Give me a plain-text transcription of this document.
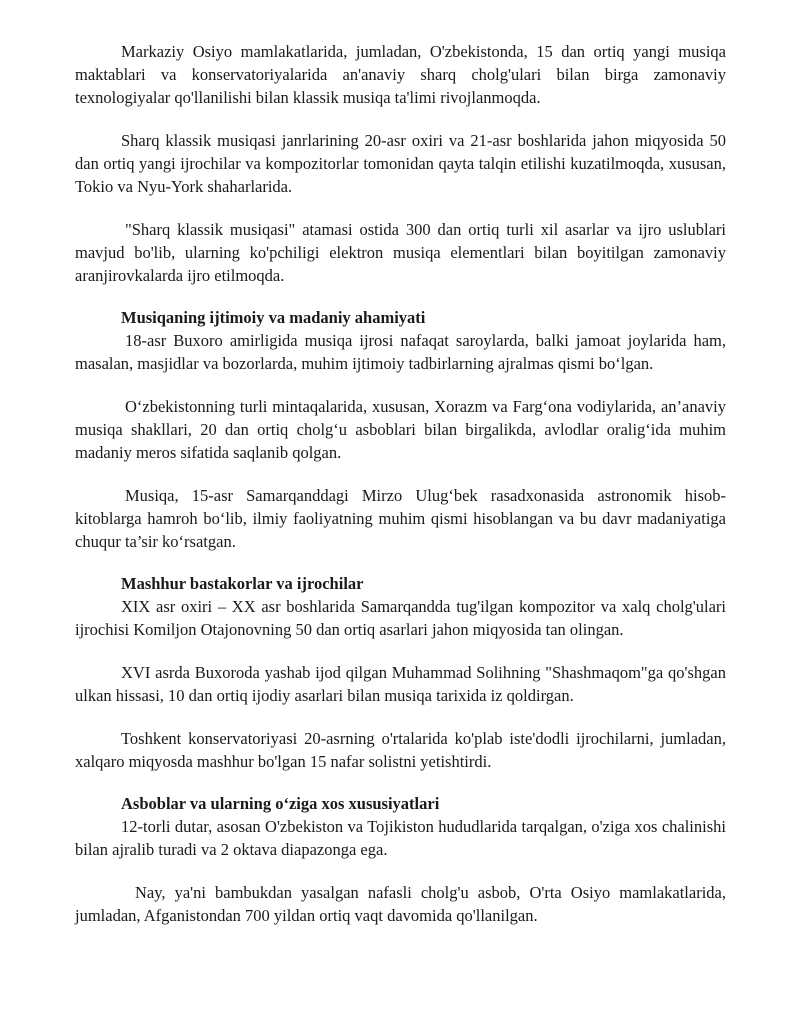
Markaziy Osiyo mamlakatlarida, jumladan, O'zbekistonda, 15 dan ortiq yangi musiqa maktablari va konservatoriyalarida an'anaviy sharq cholg'ulari bilan birga zamonaviy texnologiyalar qo'llanilishi bilan klassik musiqa ta'limi rivojlanmoqda.

Sharq klassik musiqasi janrlarining 20-asr oxiri va 21-asr boshlarida jahon miqyosida 50 dan ortiq yangi ijrochilar va kompozitorlar tomonidan qayta talqin etilishi kuzatilmoqda, xususan, Tokio va Nyu-York shaharlarida.

"Sharq klassik musiqasi" atamasi ostida 300 dan ortiq turli xil asarlar va ijro uslublari mavjud bo'lib, ularning ko'pchiligi elektron musiqa elementlari bilan boyitilgan zamonaviy aranjirovkalarda ijro etilmoqda.

Musiqaning ijtimoiy va madaniy ahamiyati

18-asr Buxoro amirligida musiqa ijrosi nafaqat saroylarda, balki jamoat joylarida ham, masalan, masjidlar va bozorlarda, muhim ijtimoiy tadbirlarning ajralmas qismi bo‘lgan.

O‘zbekistonning turli mintaqalarida, xususan, Xorazm va Farg‘ona vodiylarida, an’anaviy musiqa shakllari, 20 dan ortiq cholg‘u asboblari bilan birgalikda, avlodlar oralig‘ida muhim madaniy meros sifatida saqlanib qolgan.

Musiqa, 15-asr Samarqanddagi Mirzo Ulug‘bek rasadxonasida astronomik hisob-kitoblarga hamroh bo‘lib, ilmiy faoliyatning muhim qismi hisoblangan va bu davr madaniyatiga chuqur ta’sir ko‘rsatgan.

Mashhur bastakorlar va ijrochilar

XIX asr oxiri – XX asr boshlarida Samarqandda tug'ilgan kompozitor va xalq cholg'ulari ijrochisi Komiljon Otajonovning 50 dan ortiq asarlari jahon miqyosida tan olingan.

XVI asrda Buxoroda yashab ijod qilgan Muhammad Solihning "Shashmaqom"ga qo'shgan ulkan hissasi, 10 dan ortiq ijodiy asarlari bilan musiqa tarixida iz qoldirgan.

Toshkent konservatoriyasi 20-asrning o'rtalarida ko'plab iste'dodli ijrochilarni, jumladan, xalqaro miqyosda mashhur bo'lgan 15 nafar solistni yetishtirdi.

Asboblar va ularning o‘ziga xos xususiyatlari

12-torli dutar, asosan O'zbekiston va Tojikiston hududlarida tarqalgan, o'ziga xos chalinishi bilan ajralib turadi va 2 oktava diapazonga ega.

Nay, ya'ni bambukdan yasalgan nafasli cholg'u asbob, O'rta Osiyo mamlakatlarida, jumladan, Afganistondan 700 yildan ortiq vaqt davomida qo'llanilgan.
